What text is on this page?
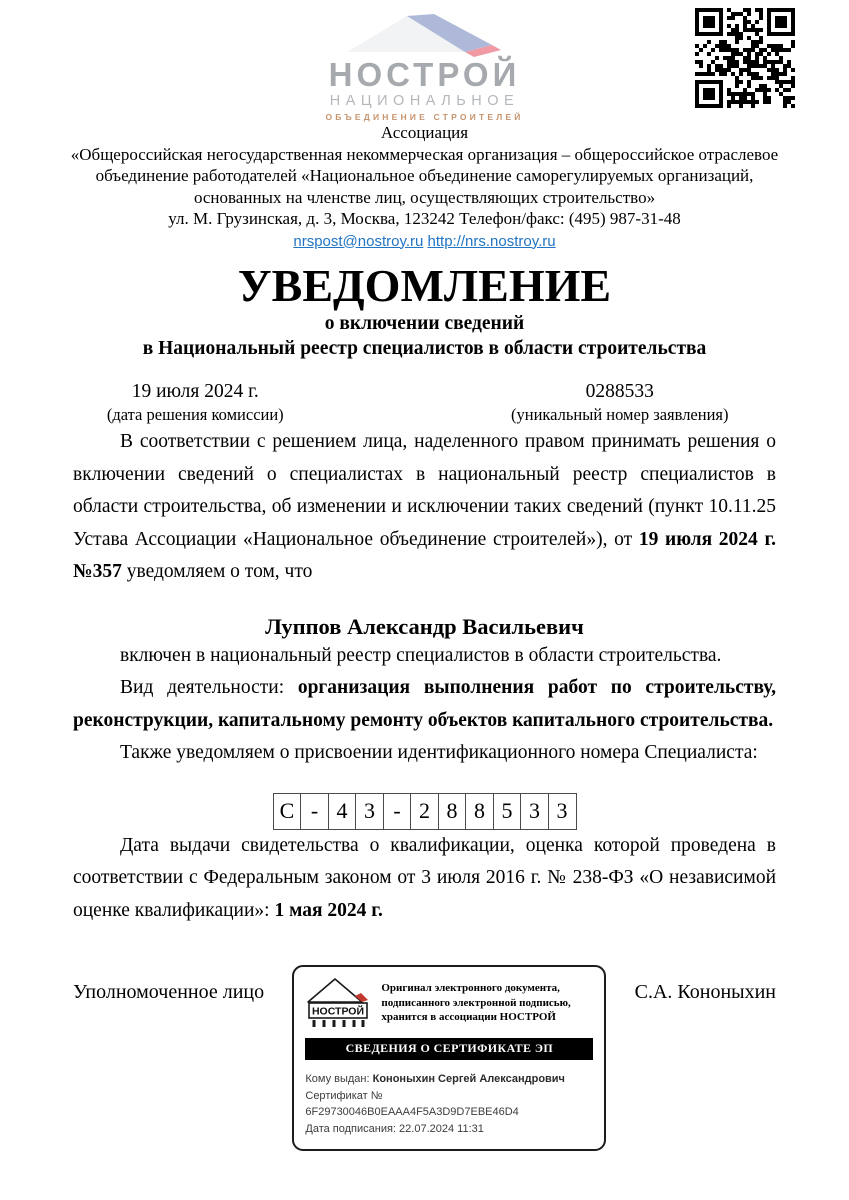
НОСТРОЙ
НАЦИОНАЛЬНОЕ
ОБЪЕДИНЕНИЕ СТРОИТЕЛЕЙ
Ассоциация
«Общероссийская негосударственная некоммерческая организация – общероссийское отраслевое объединение работодателей «Национальное объединение саморегулируемых организаций, основанных на членстве лиц, осуществляющих строительство»
ул. М. Грузинская, д. 3, Москва, 123242 Телефон/факс: (495) 987-31-48
nrspost@nostroy.ru http://nrs.nostroy.ru
УВЕДОМЛЕНИЕ
о включении сведений
в Национальный реестр специалистов в области строительства
19 июля 2024 г.
(дата решения комиссии)
0288533
(уникальный номер заявления)

В соответствии с решением лица, наделенного правом принимать решения о включении сведений о специалистах в национальный реестр специалистов в области строительства, об изменении и исключении таких сведений (пункт 10.11.25 Устава Ассоциации «Национальное объединение строителей»), от 19 июля 2024 г. №357 уведомляем о том, что

Луппов Александр Васильевич

включен в национальный реестр специалистов в области строительства.

Вид деятельности: организация выполнения работ по строительству, реконструкции, капитальному ремонту объектов капитального строительства.

Также уведомляем о присвоении идентификационного номера Специалиста:

С - 4 3 - 2 8 8 5 3 3

Дата выдачи свидетельства о квалификации, оценка которой проведена в соответствии с Федеральным законом от 3 июля 2016 г. № 238-ФЗ «О независимой оценке квалификации»: 1 мая 2024 г.

Уполномоченное лицо
НОСТРОЙ
Оригинал электронного документа,
подписанного электронной подписью,
хранится в ассоциации НОСТРОЙ
СВЕДЕНИЯ О СЕРТИФИКАТЕ ЭП
Кому выдан: Кононыхин Сергей Александрович
Сертификат № 6F29730046B0EAAA4F5A3D9D7EBE46D4
Дата подписания: 22.07.2024 11:31
С.А. Кононыхин
